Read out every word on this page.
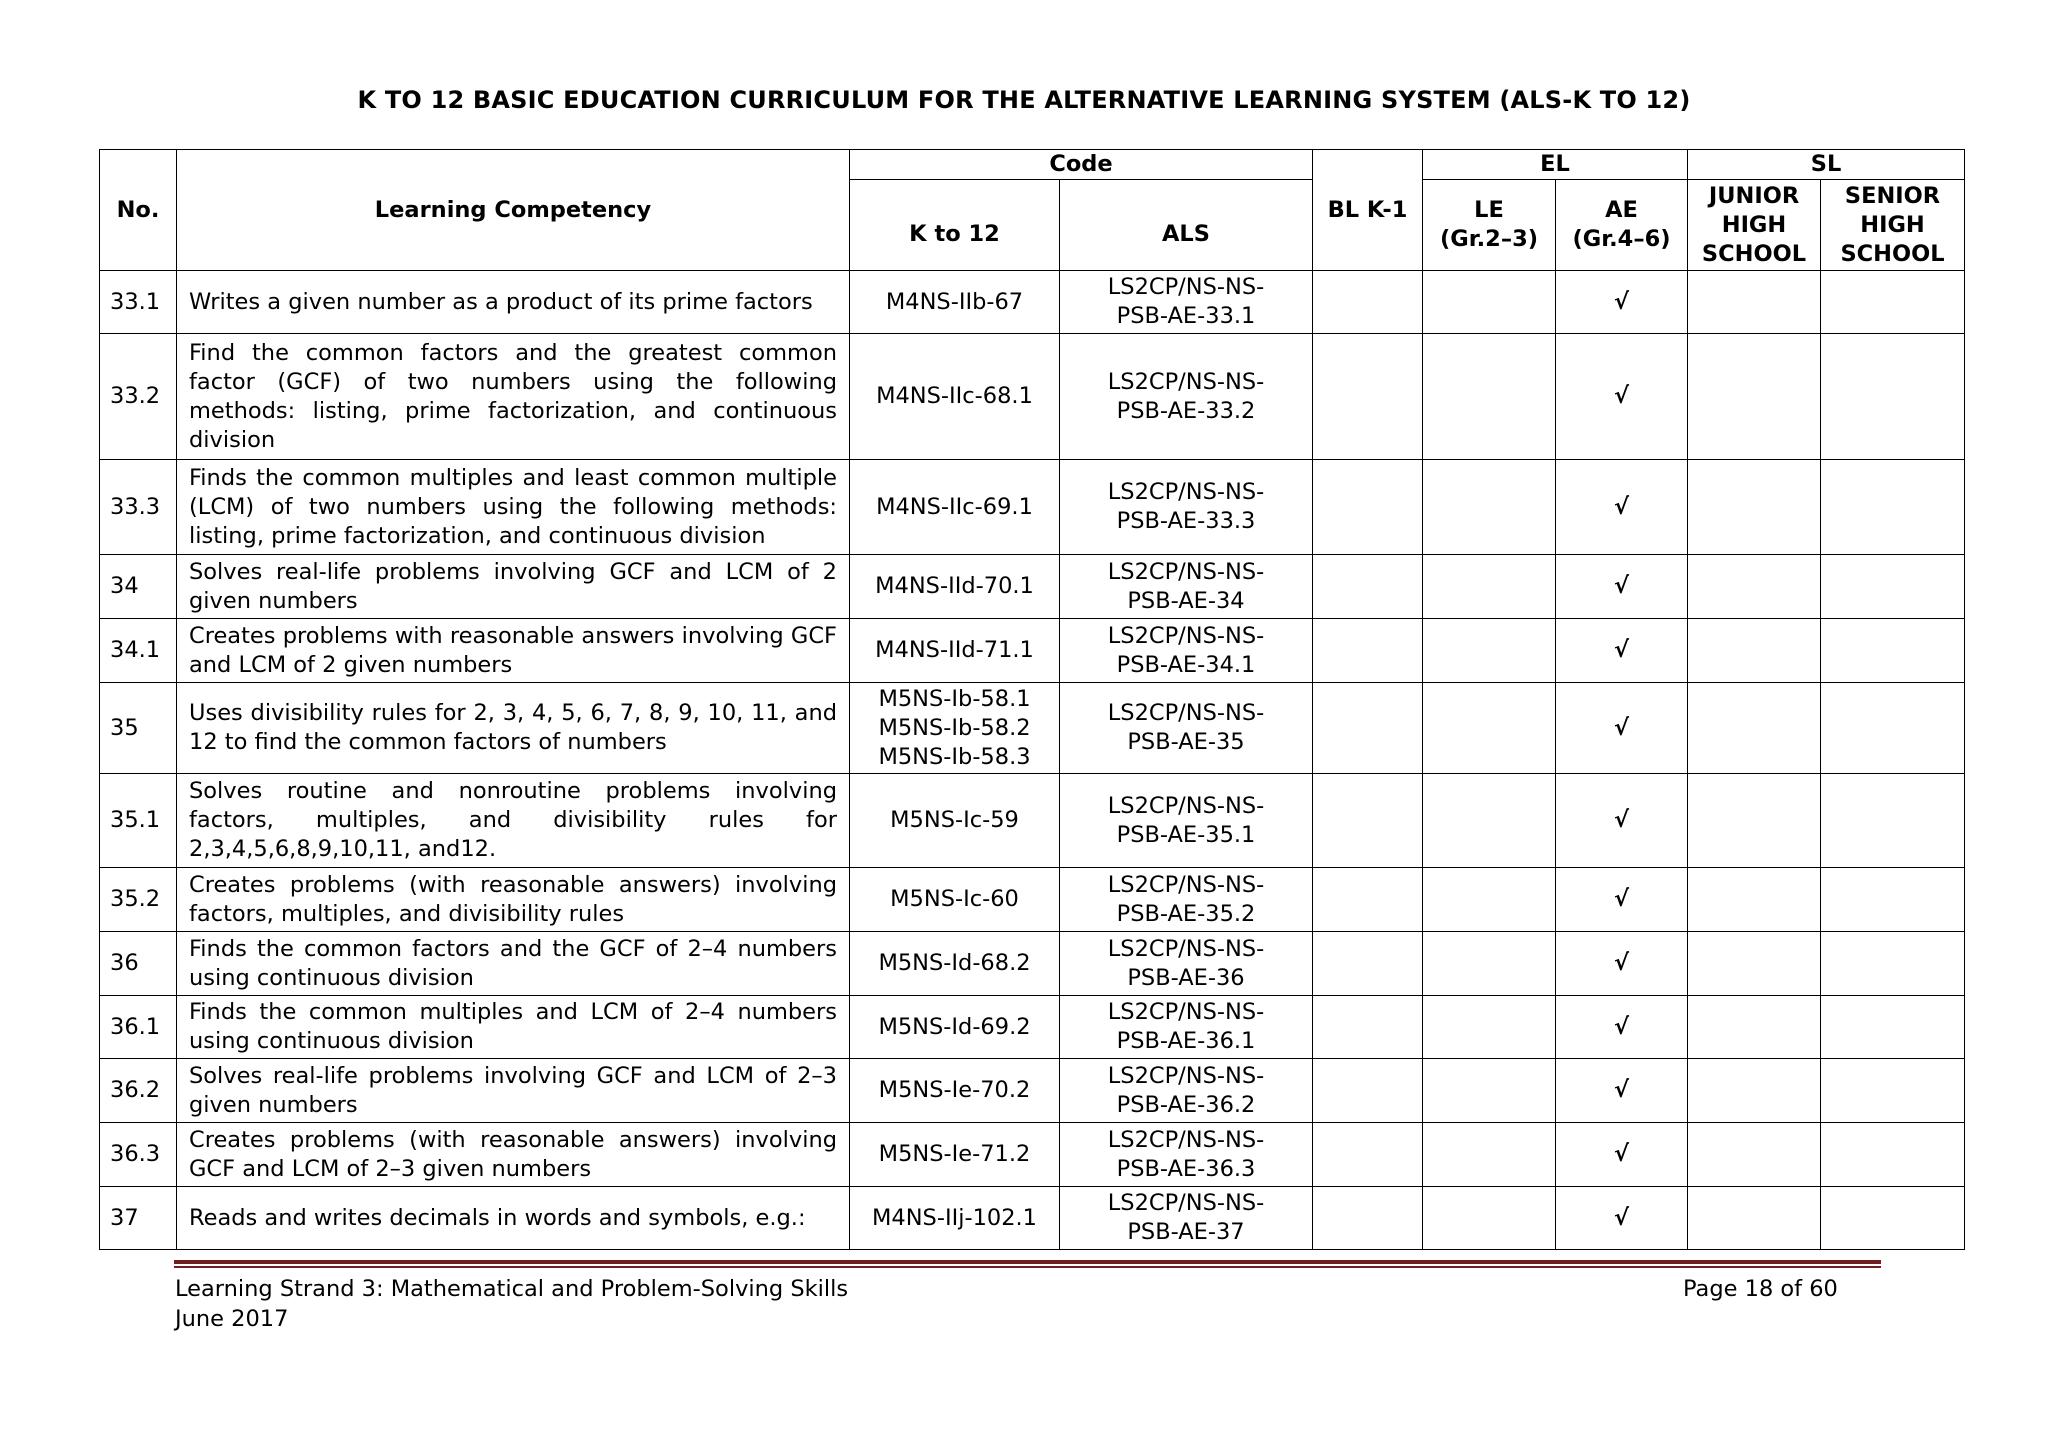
K TO 12 BASIC EDUCATION CURRICULUM FOR THE ALTERNATIVE LEARNING SYSTEM (ALS-K TO 12)
No.	Learning Competency	Code		BL K-1	EL		SL	
		K to 12	ALS		LE (Gr.2–3)	AE (Gr.4–6)	JUNIOR HIGH SCHOOL	SENIOR HIGH SCHOOL
33.1	Writes a given number as a product of its prime factors	M4NS-IIb-67	LS2CP/NS-NS-PSB-AE-33.1			√		
33.2	Find the common factors and the greatest common factor (GCF) of two numbers using the following methods: listing, prime factorization, and continuous division	M4NS-IIc-68.1	LS2CP/NS-NS-PSB-AE-33.2			√		
33.3	Finds the common multiples and least common multiple (LCM) of two numbers using the following methods: listing, prime factorization, and continuous division	M4NS-IIc-69.1	LS2CP/NS-NS-PSB-AE-33.3			√		
34	Solves real-life problems involving GCF and LCM of 2 given numbers	M4NS-IId-70.1	LS2CP/NS-NS-PSB-AE-34			√		
34.1	Creates problems with reasonable answers involving GCF and LCM of 2 given numbers	M4NS-IId-71.1	LS2CP/NS-NS-PSB-AE-34.1			√		
35	Uses divisibility rules for 2, 3, 4, 5, 6, 7, 8, 9, 10, 11, and 12 to find the common factors of numbers	M5NS-Ib-58.1 M5NS-Ib-58.2 M5NS-Ib-58.3	LS2CP/NS-NS-PSB-AE-35			√		
35.1	Solves routine and nonroutine problems involving factors, multiples, and divisibility rules for 2,3,4,5,6,8,9,10,11, and12.	M5NS-Ic-59	LS2CP/NS-NS-PSB-AE-35.1			√		
35.2	Creates problems (with reasonable answers) involving factors, multiples, and divisibility rules	M5NS-Ic-60	LS2CP/NS-NS-PSB-AE-35.2			√		
36	Finds the common factors and the GCF of 2–4 numbers using continuous division	M5NS-Id-68.2	LS2CP/NS-NS-PSB-AE-36			√		
36.1	Finds the common multiples and LCM of 2–4 numbers using continuous division	M5NS-Id-69.2	LS2CP/NS-NS-PSB-AE-36.1			√		
36.2	Solves real-life problems involving GCF and LCM of 2–3 given numbers	M5NS-Ie-70.2	LS2CP/NS-NS-PSB-AE-36.2			√		
36.3	Creates problems (with reasonable answers) involving GCF and LCM of 2–3 given numbers	M5NS-Ie-71.2	LS2CP/NS-NS-PSB-AE-36.3			√		
37	Reads and writes decimals in words and symbols, e.g.:	M4NS-IIj-102.1	LS2CP/NS-NS-PSB-AE-37			√		
Learning Strand 3: Mathematical and Problem-Solving Skills
June 2017
Page 18 of 60
